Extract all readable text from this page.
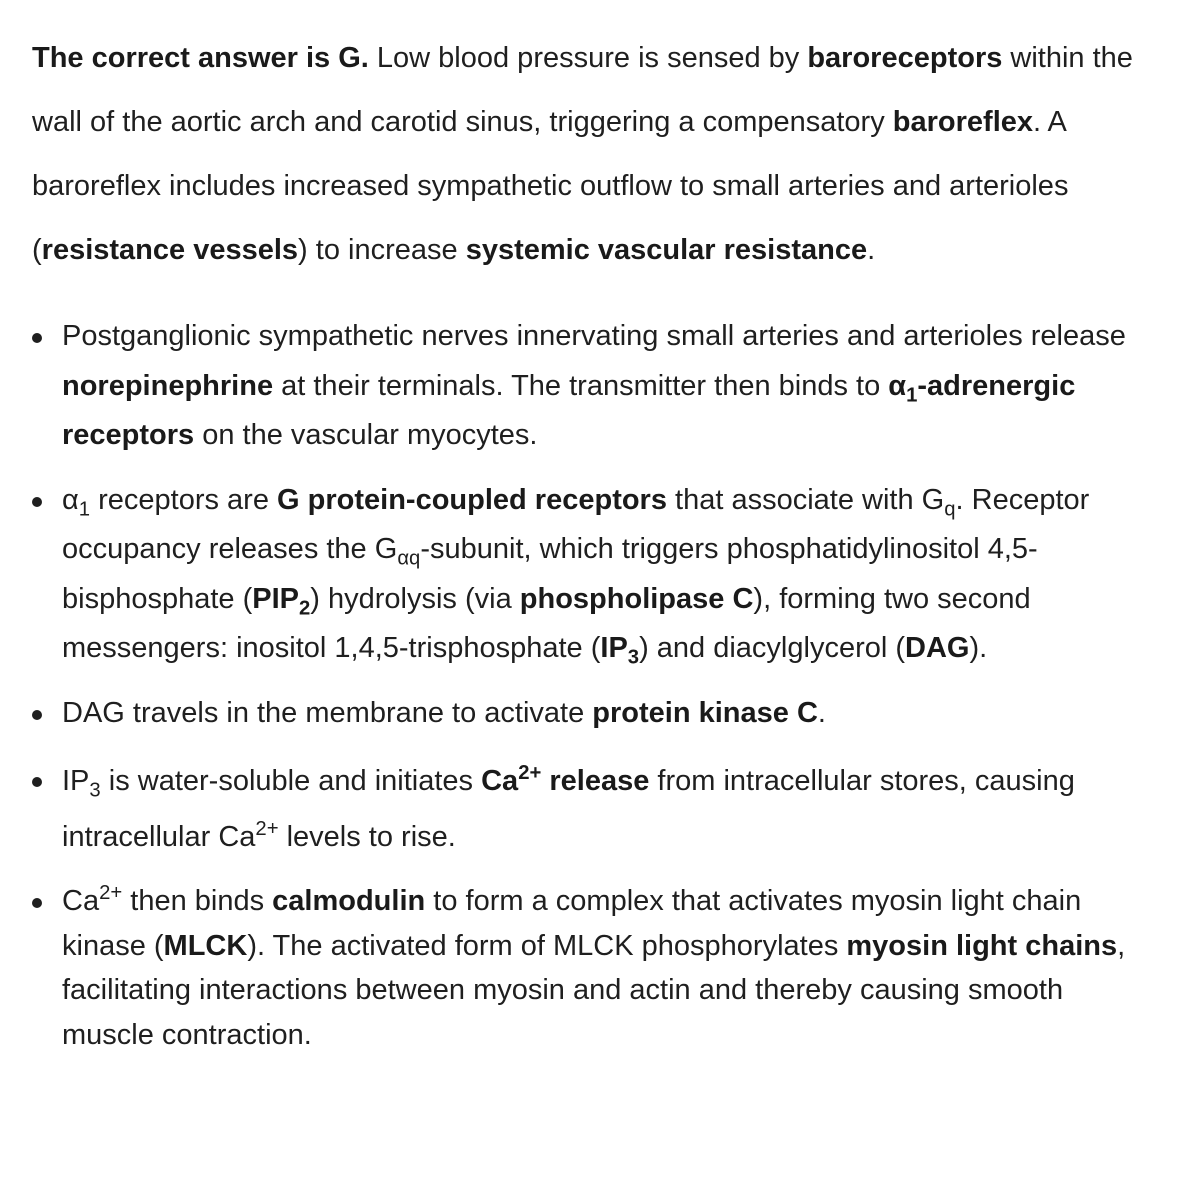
The correct answer is G. Low blood pressure is sensed by baroreceptors within the wall of the aortic arch and carotid sinus, triggering a compensatory baroreflex. A baroreflex includes increased sympathetic outflow to small arteries and arterioles (resistance vessels) to increase systemic vascular resistance.

Postganglionic sympathetic nerves innervating small arteries and arterioles release norepinephrine at their terminals. The transmitter then binds to $\alpha_1$-adrenergic receptors on the vascular myocytes.
$\alpha_1$ receptors are G protein-coupled receptors that associate with $G_q$. Receptor occupancy releases the $G_{\alpha q}$-subunit, which triggers phosphatidylinositol 4,5-bisphosphate $(PIP_2)$ hydrolysis (via phospholipase C), forming two second messengers: inositol 1,4,5-trisphosphate $(IP_3)$ and diacylglycerol (DAG).
DAG travels in the membrane to activate protein kinase C.
$IP_3$ is water-soluble and initiates $Ca^{2+}$ release from intracellular stores, causing intracellular $Ca^{2+}$ levels to rise.
$Ca^{2+}$ then binds calmodulin to form a complex that activates myosin light chain kinase (MLCK). The activated form of MLCK phosphorylates myosin light chains, facilitating interactions between myosin and actin and thereby causing smooth muscle contraction.
